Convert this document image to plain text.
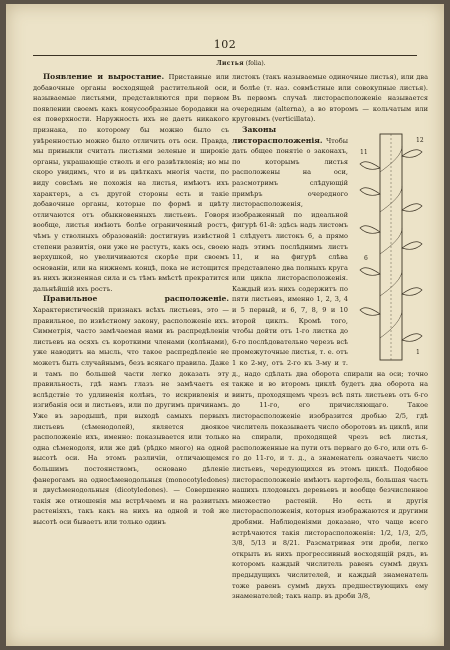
102
Листья (folia).

Появление и выростание. Приставные или добавочные органы восходящей растительной оси, называемые листьями, представляются при первом появлении своемъ какъ конусообразные бородавки на ея поверхности. Наружность ихъ не даетъ никакого признака, по которому бы можно было съ увѣренностью можно было отличить отъ оси. Правда, мы привыкли считать листьями зеленые и широкіе органы, украшающіе стволъ и его развѣтвленія; но мы скоро увидимъ, что и въ цвѣткахъ многія части, по виду совсѣмъ не похожія на листья, имѣютъ ихъ характеръ, а съ другой стороны есть и такіе добавочные органы, которые по формѣ и цвѣту отличаются отъ обыкновенныхъ листьевъ. Говоря вообще, листья имѣютъ болѣе ограниченный ростъ, чѣмъ у стволныхъ образованій: достигнувъ извѣстной степени развитія, они уже не растутъ, какъ ось, своею верхушкой, но увеличиваются скорѣе при своемъ основаніи, или на нижнемъ концѣ, пока не истощится въ нихъ жизненная сила и съ тѣмъ вмѣстѣ прекратится дальнѣйшій ихъ ростъ.

Правильное расположеніе. Характеристическій признакъ всѣхъ листьевъ, это — правильное, по извѣстному закону, расположеніе ихъ. Симметрія, часто замѣчаемая нами въ распредѣленіи листьевъ на осяхъ съ короткими членами (колѣнами), уже наводитъ на мысль, что такое распредѣленіе не можетъ быть случайнымъ, безъ всякаго правила. Даже и тамъ по большей части легко доказать эту правильность, гдѣ намъ глазъ не замѣчаетъ ея вслѣдствіе то удлиненія колѣнъ, то искривленія и изгибанія оси и листьевъ, или по другимъ причинамъ. Уже въ зародышѣ, при выходѣ самыхъ первыхъ листьевъ (сѣменодолей), является двоякое расположеніе ихъ, именно: показывается или только одна сѣменодоля, или же двѣ (рѣдко много) на одной высотѣ оси. На этомъ различіи, отличающемся большимъ постоянствомъ, основано дѣленіе фанерогамъ на односѣменодольныя (monocotyledones) и двусѣменодольныя (dicotyledones). — Совершенно такія же отношенія мы встрѣчаемъ и на развитыхъ растеніяхъ, такъ какъ на нихъ на одной и той же высотѣ оси бываетъ или только одинъ

листокъ (такъ называемые одиночные листья), или два и болѣе (т. наз. совмѣстные или совокупные листья). Въ первомъ случаѣ листорасположеніе называется очередным (alterna), а во второмъ — кольчатым или круговымъ (verticillata).

11
12
6
1

Законы листорасположенія. Чтобы дать общее понятіе о законахъ, по которымъ листья расположены на оси, разсмотримъ слѣдующій примѣръ очередного листорасположенія, изображенный по идеальной фигурѣ 61-й: здѣсь надъ листомъ 1 слѣдуетъ листокъ 6, а прямо надъ этимъ послѣднимъ листъ 11, и на фигурѣ слѣва представлено два полныхъ круга или цикла листорасположенія. Каждый изъ нихъ содержитъ по пяти листьевъ, именно 1, 2, 3, 4 и 5 первый, и 6, 7, 8, 9 и 10 второй циклъ. Кромѣ того, чтобы дойти отъ 1-го листка до 6-го послѣдовательно черезъ всѣ промежуточные листья, т. е. отъ 1 ко 2-му, отъ 2-го къ 3-му и т. д., надо сдѣлать два оборота спирали на оси; точно также и во второмъ циклѣ будетъ два оборота на винтъ, проходящемъ чрезъ всѣ пять листьевъ отъ 6-го до 11-го, его причисляющаго. Такое листорасположеніе изобразится дробью 2/5, гдѣ числитель показываетъ число оборотовъ въ циклѣ, или на спирали, проходящей чрезъ всѣ листья, расположенные на пути отъ перваго до 6-го, или отъ 6-го до 11-го, и т. д., а знаменатель означаетъ число листьевъ, чередующихся въ этомъ циклѣ. Подобное листорасположеніе имѣютъ картофель, большая часть нашихъ плодовыхъ деревьевъ и вообще безчисленное множество растеній. Но есть и другія листорасположенія, которыя изображаются и другими дробями. Наблюденіями доказано, что чаще всего встрѣчаются такія листорасположенія: 1/2, 1/3, 2/5, 3/8, 5/13 и 8/21. Разсматривая эти дроби, легко открыть въ нихъ прогрессивный восходящій рядъ, въ которомъ каждый числитель равенъ суммѣ двухъ предыдущихъ числителей, и каждый знаменатель тоже равенъ суммѣ двухъ предшествующихъ ему знаменателей; такъ напр. въ дроби 3/8,
